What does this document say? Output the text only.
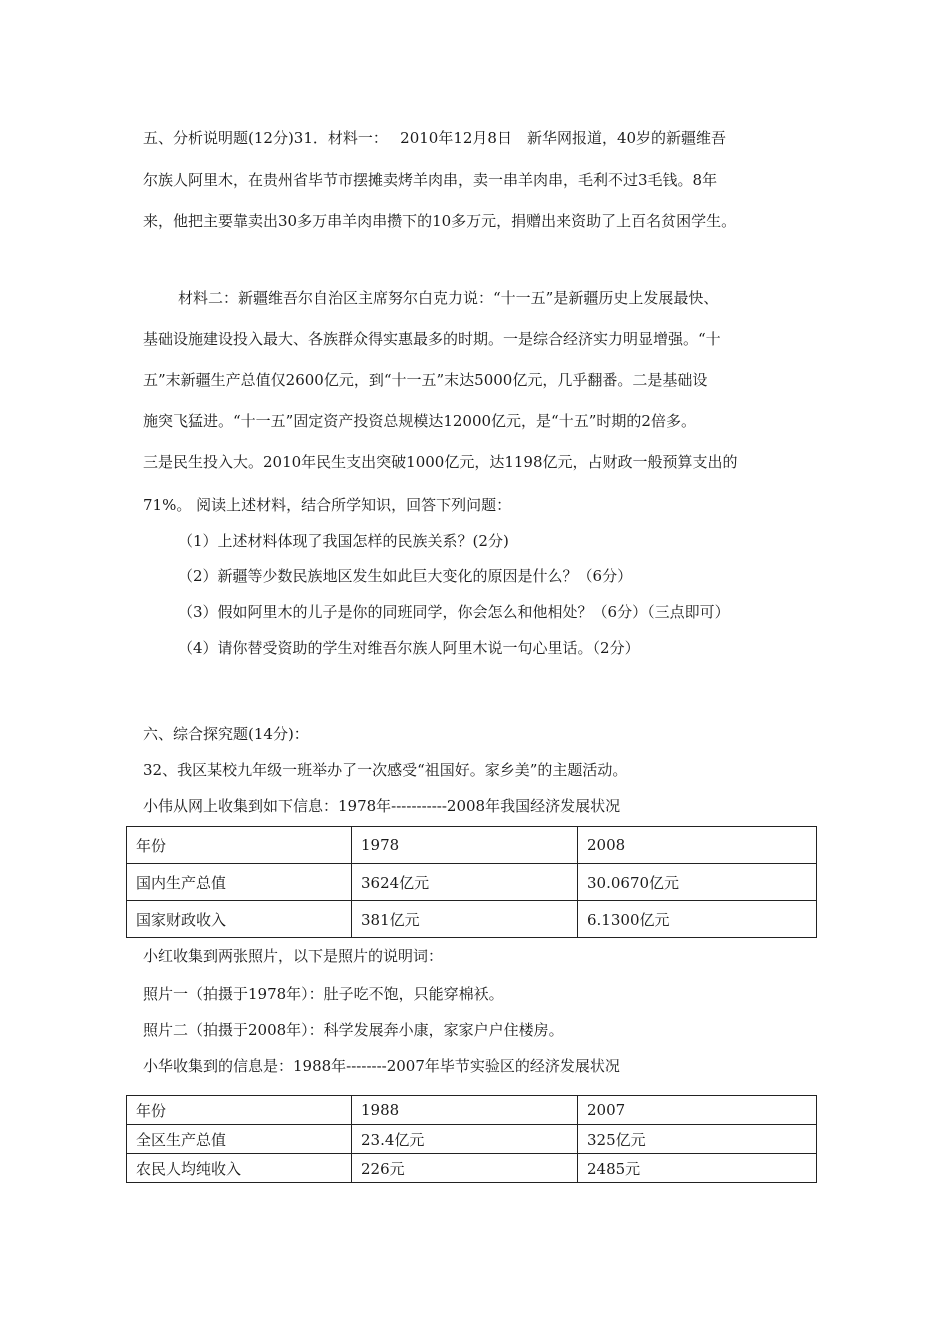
五、分析说明题(12分)31．材料一：　 2010年12月8日　新华网报道，40岁的新疆维吾
尔族人阿里木，在贵州省毕节市摆摊卖烤羊肉串，卖一串羊肉串，毛利不过3毛钱。8年
来，他把主要靠卖出30多万串羊肉串攒下的10多万元，捐赠出来资助了上百名贫困学生。
材料二：新疆维吾尔自治区主席努尔白克力说：“十一五”是新疆历史上发展最快、
基础设施建设投入最大、各族群众得实惠最多的时期。一是综合经济实力明显增强。“十
五”末新疆生产总值仅2600亿元，到“十一五”末达5000亿元，几乎翻番。二是基础设
施突飞猛进。“十一五”固定资产投资总规模达12000亿元，是“十五”时期的2倍多。
三是民生投入大。2010年民生支出突破1000亿元，达1198亿元，占财政一般预算支出的
71%。 阅读上述材料，结合所学知识，回答下列问题：
（1）上述材料体现了我国怎样的民族关系？(2分)
（2）新疆等少数民族地区发生如此巨大变化的原因是什么？（6分）
（3）假如阿里木的儿子是你的同班同学，你会怎么和他相处？（6分）（三点即可）
（4）请你替受资助的学生对维吾尔族人阿里木说一句心里话。（2分）
六、综合探究题(14分)：
32、我区某校九年级一班举办了一次感受“祖国好。家乡美”的主题活动。
小伟从网上收集到如下信息：1978年-----------2008年我国经济发展状况
年份	1978	2008
国内生产总值	3624亿元	30.0670亿元
国家财政收入	381亿元	6.1300亿元
小红收集到两张照片，以下是照片的说明词：
照片一（拍摄于1978年）：肚子吃不饱，只能穿棉袄。
照片二（拍摄于2008年）：科学发展奔小康，家家户户住楼房。
小华收集到的信息是：1988年--------2007年毕节实验区的经济发展状况
年份	1988	2007
全区生产总值	23.4亿元	325亿元
农民人均纯收入	226元	2485元
